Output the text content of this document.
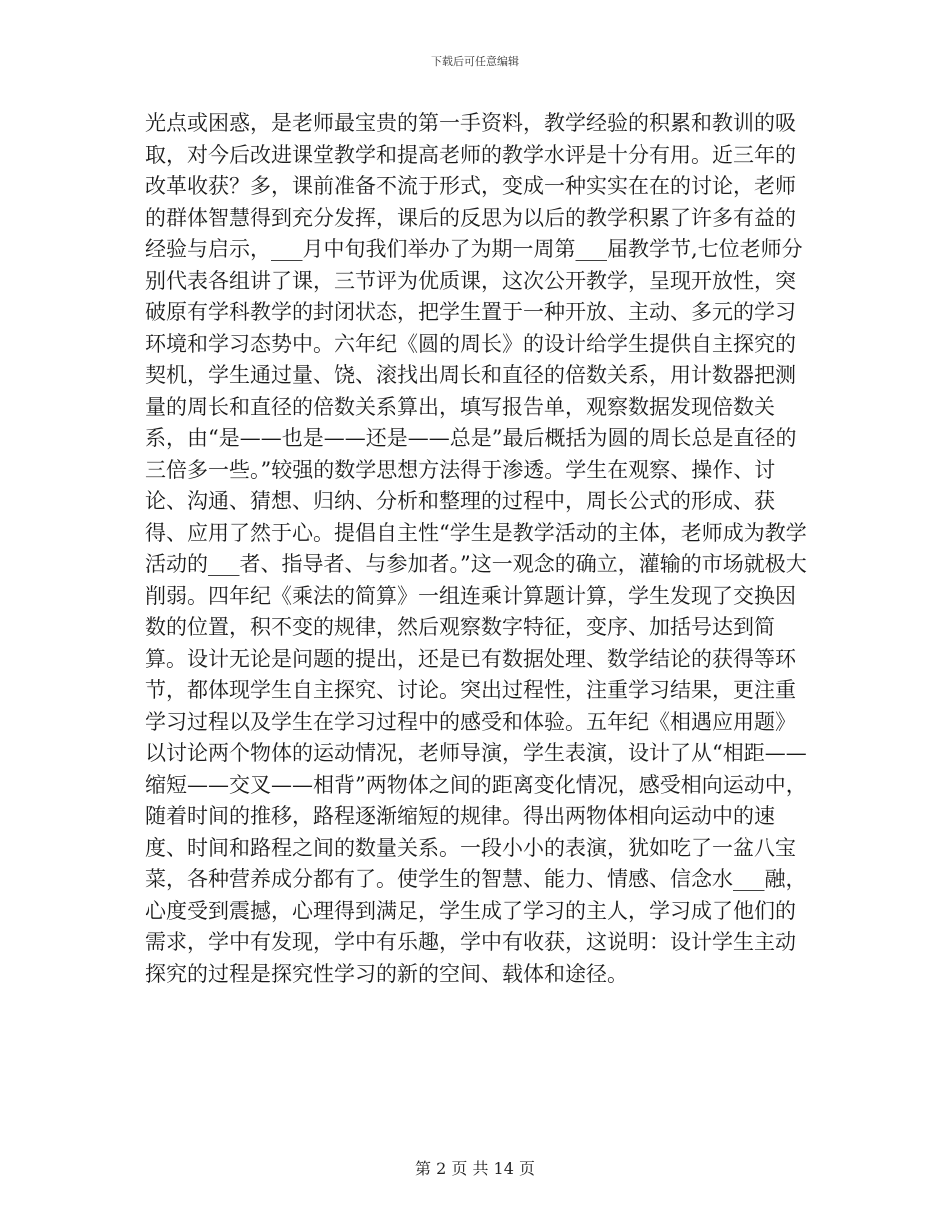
下载后可任意编辑

光点或困惑，是老师最宝贵的第一手资料，教学经验的积累和教训的吸取，对今后改进课堂教学和提高老师的教学水评是十分有用。近三年的改革收获？多，课前准备不流于形式，变成一种实实在在的讨论，老师的群体智慧得到充分发挥，课后的反思为以后的教学积累了许多有益的经验与启示，___月中旬我们举办了为期一周第___届教学节,七位老师分别代表各组讲了课，三节评为优质课，这次公开教学，呈现开放性，突破原有学科教学的封闭状态，把学生置于一种开放、主动、多元的学习环境和学习态势中。六年纪《圆的周长》的设计给学生提供自主探究的契机，学生通过量、饶、滚找出周长和直径的倍数关系，用计数器把测量的周长和直径的倍数关系算出，填写报告单，观察数据发现倍数关系，由“是——也是——还是——总是”最后概括为圆的周长总是直径的三倍多一些。”较强的数学思想方法得于渗透。学生在观察、操作、讨论、沟通、猜想、归纳、分析和整理的过程中，周长公式的形成、获得、应用了然于心。提倡自主性“学生是教学活动的主体，老师成为教学活动的___者、指导者、与参加者。”这一观念的确立，灌输的市场就极大削弱。四年纪《乘法的简算》一组连乘计算题计算，学生发现了交换因数的位置，积不变的规律，然后观察数字特征，变序、加括号达到简算。设计无论是问题的提出，还是已有数据处理、数学结论的获得等环节，都体现学生自主探究、讨论。突出过程性，注重学习结果，更注重学习过程以及学生在学习过程中的感受和体验。五年纪《相遇应用题》以讨论两个物体的运动情况，老师导演，学生表演，设计了从“相距——缩短——交叉——相背”两物体之间的距离变化情况，感受相向运动中，随着时间的推移，路程逐渐缩短的规律。得出两物体相向运动中的速度、时间和路程之间的数量关系。一段小小的表演，犹如吃了一盆八宝菜，各种营养成分都有了。使学生的智慧、能力、情感、信念水___融，心度受到震撼，心理得到满足，学生成了学习的主人，学习成了他们的需求，学中有发现，学中有乐趣，学中有收获，这说明：设计学生主动探究的过程是探究性学习的新的空间、载体和途径。

第 2 页 共 14 页
